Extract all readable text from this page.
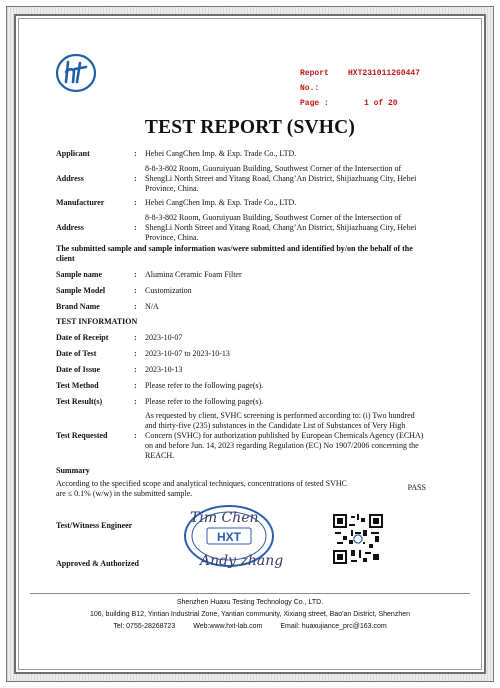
Report No.:
HXT231011260447
Page :	1 of 20
TEST REPORT (SVHC)
Applicant	:	Hebei CangChen Imp. & Exp. Trade Co., LTD.
Address	:
8-8-3-802 Room, Guoruiyuan Building, Southwest Corner of the Intersection of ShengLi North Street and Yitang Road, Chang’An District, Shijiazhuang City, Hebei Province, China.
Manufacturer	:	Hebei CangChen Imp. & Exp. Trade Co., LTD.
Address	:
8-8-3-802 Room, Guoruiyuan Building, Southwest Corner of the Intersection of ShengLi North Street and Yitang Road, Chang’An District, Shijiazhuang City, Hebei Province, China.
The submitted sample and sample information was/were submitted and identified by/on the behalf of the client
Sample name	:	Alumina Ceramic Foam Filter
Sample Model	:	Customization
Brand Name	:	N/A
TEST INFORMATION
Date of Receipt	:	2023-10-07
Date of Test	:	2023-10-07 to 2023-10-13
Date of Issue	:	2023-10-13
Test Method	:	Please refer to the following page(s).
Test Result(s)	:	Please refer to the following page(s).
Test Requested	:
As requested by client, SVHC screening is performed according to: (i) Two hundred and thirty-five (235) substances in the Candidate List of Substances of Very High Concern (SVHC) for authorization published by European Chemicals Agency (ECHA) on and before Jun. 14, 2023 regarding Regulation (EC) No 1907/2006 concerning the REACH.
Summary
According to the specified scope and analytical techniques, concentrations of tested SVHC are ≤ 0.1% (w/w) in the submitted sample.
PASS
Test/Witness Engineer
Approved & Authorized
HXT
Tim Chen
Andy zhang
Shenzhen Huaxu Testing Technology Co., LTD.
106, building B12, Yintian Industrial Zone, Yantian community, Xixiang street, Bao'an District, Shenzhen
Tel: 0755-28268723	Web:www.hxt-lab.com	Email: huaxujiance_prc@163.com
